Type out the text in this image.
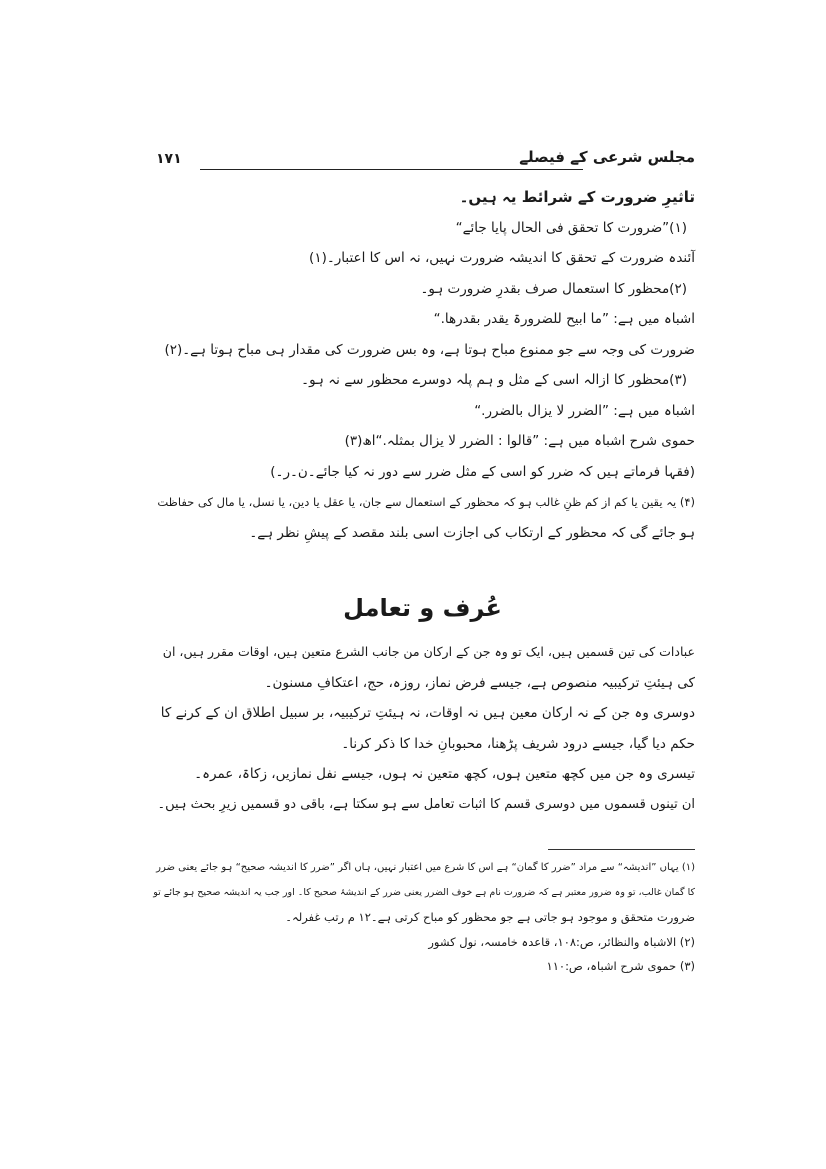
مجلس شرعی کے فیصلے
۱۷۱
تاثیرِ ضرورت کے شرائط یہ ہیں۔
(۱)”ضرورت کا تحقق فی الحال پایا جائے“
آئندہ ضرورت کے تحقق کا اندیشہ ضرورت نہیں، نہ اس کا اعتبار۔(۱)
(۲)محظور کا استعمال صرف بقدرِ ضرورت ہو۔
اشباہ میں ہے: ”ما ابیح للضرورۃ یقدر بقدرھا.“
ضرورت کی وجہ سے جو ممنوع مباح ہوتا ہے، وہ بس ضرورت کی مقدار ہی مباح ہوتا ہے۔(۲)
(۳)محظور کا ازالہ اسی کے مثل و ہم پلہ دوسرے محظور سے نہ ہو۔
اشباہ میں ہے: ”الضرر لا یزال بالضرر.“
حموی شرح اشباہ میں ہے: ”قالوا : الضرر لا یزال بمثلہ.“اھ(۳)
(فقہا فرماتے ہیں کہ ضرر کو اسی کے مثل ضرر سے دور نہ کیا جائے۔ن۔ر۔)
(۴) یہ یقین یا کم از کم ظنِ غالب ہو کہ محظور کے استعمال سے جان، یا عقل یا دین، یا نسل، یا مال کی حفاظت
ہو جائے گی کہ محظور کے ارتکاب کی اجازت اسی بلند مقصد کے پیشِ نظر ہے۔
عُرف و تعامل
عبادات کی تین قسمیں ہیں، ایک تو وہ جن کے ارکان من جانب الشرع متعین ہیں، اوقات مقرر ہیں، ان
کی ہیئتِ ترکیبیہ منصوص ہے، جیسے فرض نماز، روزہ، حج، اعتکافِ مسنون۔
دوسری وہ جن کے نہ ارکان معین ہیں نہ اوقات، نہ ہیئتِ ترکیبیہ، بر سبیل اطلاق ان کے کرنے کا
حکم دیا گیا، جیسے درود شریف پڑھنا، محبوبانِ خدا کا ذکر کرنا۔
تیسری وہ جن میں کچھ متعین ہوں، کچھ متعین نہ ہوں، جیسے نفل نمازیں، زکاۃ، عمرہ۔
ان تینوں قسموں میں دوسری قسم کا اثبات تعامل سے ہو سکتا ہے، باقی دو قسمیں زیرِ بحث ہیں۔
(۱) یہاں ”اندیشہ“ سے مراد ”ضرر کا گمان“ ہے اس کا شرع میں اعتبار نہیں، ہاں اگر ”ضرر کا اندیشہ صحیح“ ہو جائے یعنی ضرر
کا گمان غالب، تو وہ ضرور معتبر ہے کہ ضرورت نام ہے خوف الضرر یعنی ضرر کے اندیشۂ صحیح کا۔ اور جب یہ اندیشہ صحیح ہو جائے تو
ضرورت متحقق و موجود ہو جاتی ہے جو محظور کو مباح کرتی ہے۔۱۲ م رتب غفرلہ۔
(۲) الاشباہ والنظائر، ص:۱۰۸، قاعدہ خامسہ، نول کشور
(۳) حموی شرح اشباہ، ص:۱۱۰
